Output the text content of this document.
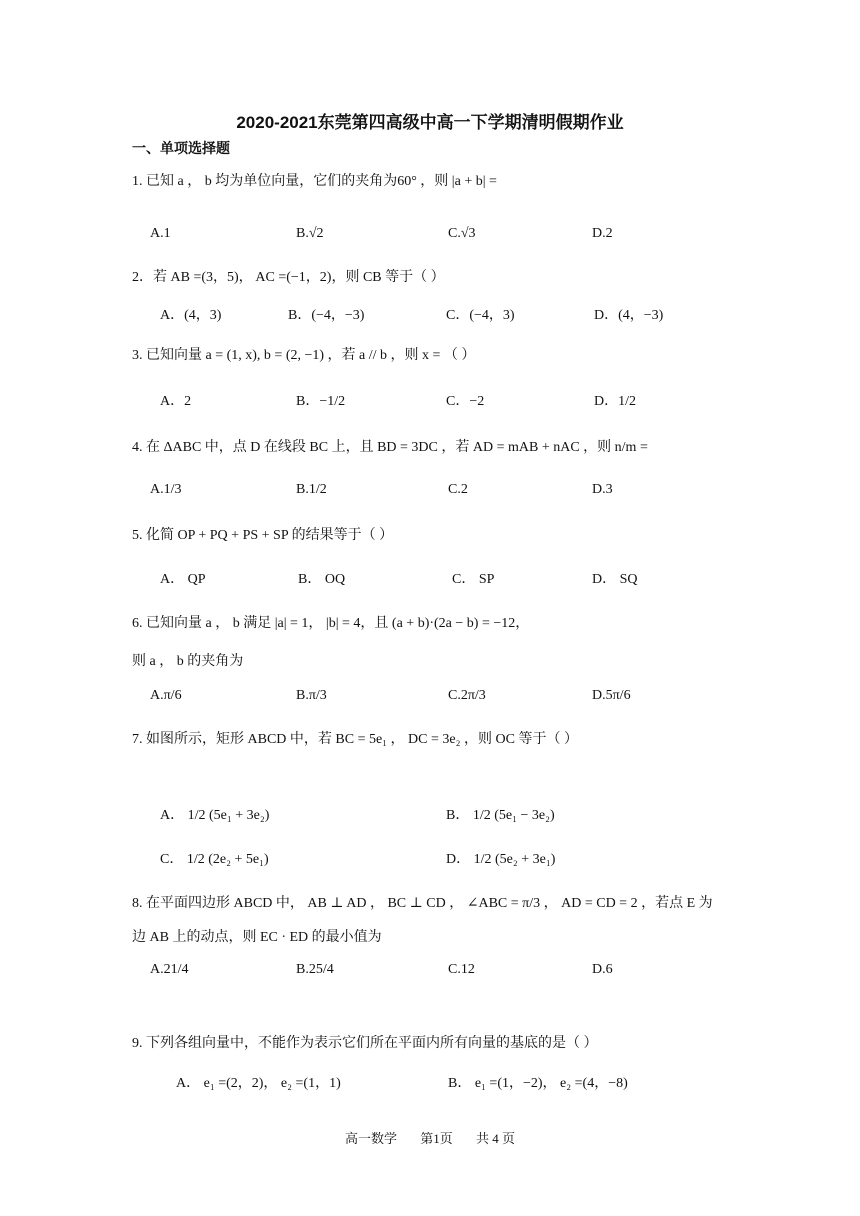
2020-2021东莞第四高级中高一下学期清明假期作业
一、单项选择题
1. 已知 a ， b 均为单位向量，它们的夹角为60° ，则 |a + b| =
A.1	B.√2	C.√3	D.2
2．若 AB =(3，5)， AC =(−1，2)，则 CB 等于（ ）
A．(4，3)	B．(−4，−3)	C．(−4，3)	D．(4，−3)
3. 已知向量 a = (1, x), b = (2, −1) ，若 a // b ，则 x = （ ）
A．2	B．−1/2	C．−2	D．1/2
4. 在 ΔABC 中，点 D 在线段 BC 上，且 BD = 3DC ，若 AD = mAB + nAC ，则 n/m =
A.1/3	B.1/2	C.2	D.3
5. 化简 OP + PQ + PS + SP 的结果等于（ ）
A． QP	B． OQ	C． SP	D． SQ
6. 已知向量 a ， b 满足 |a| = 1， |b| = 4，且 (a + b)·(2a − b) = −12，
则 a ， b 的夹角为
A.π/6	B.π/3	C.2π/3	D.5π/6
7. 如图所示，矩形 ABCD 中，若 BC = 5e₁ ， DC = 3e₂ ，则 OC 等于（ ）
A． 1/2 (5e₁ + 3e₂)	B． 1/2 (5e₁ − 3e₂)
C． 1/2 (2e₂ + 5e₁)	D． 1/2 (5e₂ + 3e₁)
8. 在平面四边形 ABCD 中， AB ⊥ AD ， BC ⊥ CD ， ∠ABC = π/3 ， AD = CD = 2 ，若点 E 为
边 AB 上的动点，则 EC · ED 的最小值为
A.21/4	B.25/4	C.12	D.6
9. 下列各组向量中，不能作为表示它们所在平面内所有向量的基底的是（ ）
A． e₁ =(2，2)， e₂ =(1，1)	B． e₁ =(1，−2)， e₂ =(4，−8)
高一数学 第1页 共 4 页
